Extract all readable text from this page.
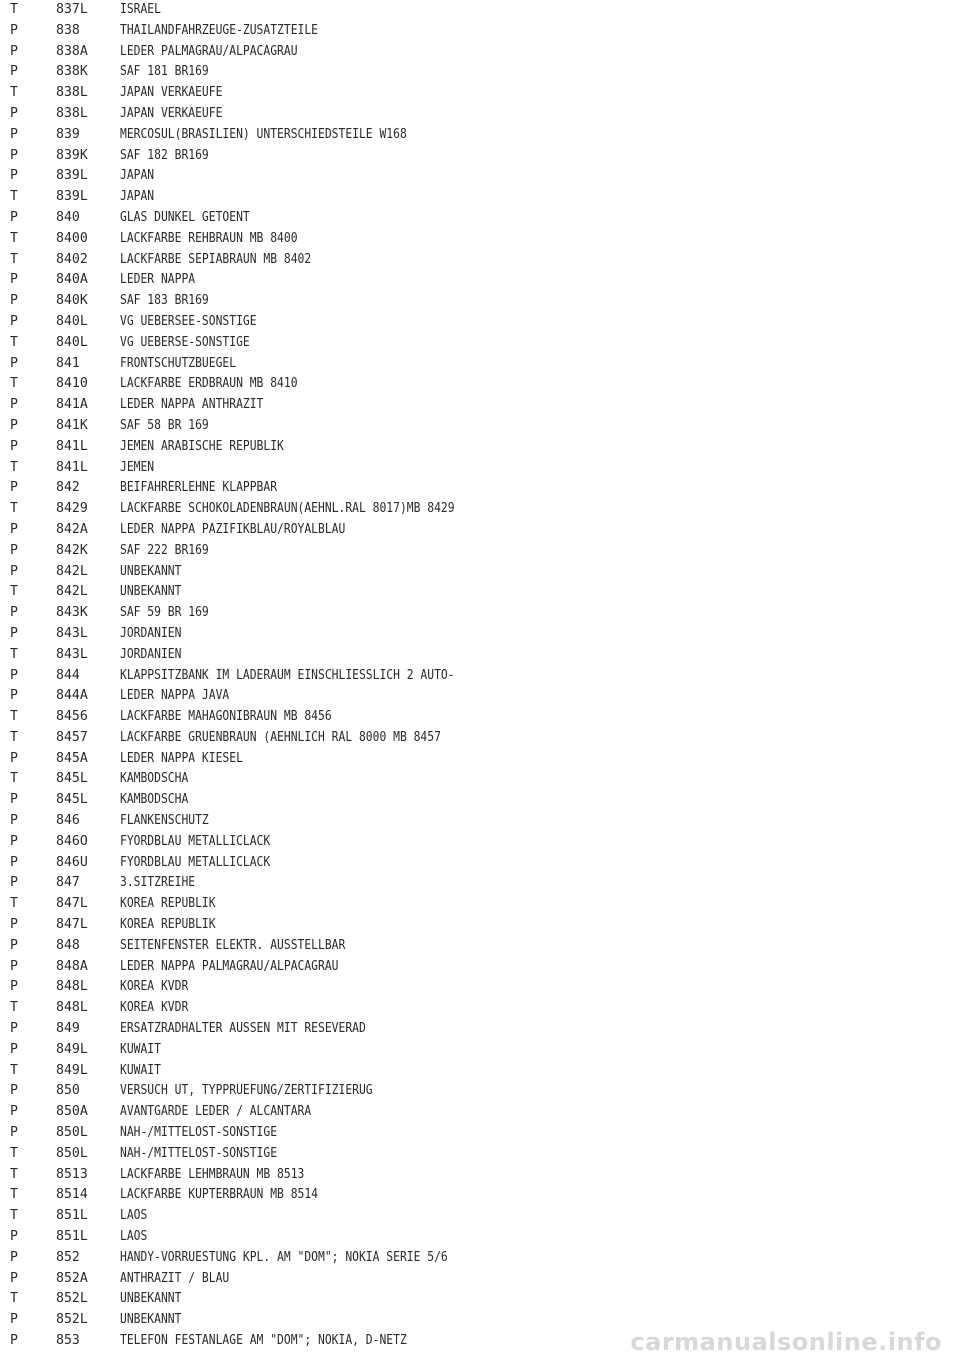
T	837L ISRAEL
P	838	THAILANDFAHRZEUGE-ZUSATZTEILE
P	838A LEDER PALMAGRAU/ALPACAGRAU
P	838K SAF 181 BR169
T	838L JAPAN VERKAEUFE
P	838L JAPAN VERKAEUFE
P	839	MERCOSUL(BRASILIEN) UNTERSCHIEDSTEILE W168
P	839K SAF 182 BR169
P	839L JAPAN
T	839L JAPAN
P	840	GLAS DUNKEL GETOENT
T	8400 LACKFARBE REHBRAUN MB 8400
T	8402 LACKFARBE SEPIABRAUN MB 8402
P	840A LEDER NAPPA
P	840K SAF 183 BR169
P	840L VG UEBERSEE-SONSTIGE
T	840L VG UEBERSE-SONSTIGE
P	841	FRONTSCHUTZBUEGEL
T	8410 LACKFARBE ERDBRAUN MB 8410
P	841A LEDER NAPPA ANTHRAZIT
P	841K SAF 58 BR 169
P	841L JEMEN ARABISCHE REPUBLIK
T	841L JEMEN
P	842	BEIFAHRERLEHNE KLAPPBAR
T	8429 LACKFARBE SCHOKOLADENBRAUN(AEHNL.RAL 8017)MB 8429
P	842A LEDER NAPPA PAZIFIKBLAU/ROYALBLAU
P	842K SAF 222 BR169
P	842L UNBEKANNT
T	842L UNBEKANNT
P	843K SAF 59 BR 169
P	843L JORDANIEN
T	843L JORDANIEN
P	844	KLAPPSITZBANK IM LADERAUM EINSCHLIESSLICH 2 AUTO-
P	844A LEDER NAPPA JAVA
T	8456 LACKFARBE MAHAGONIBRAUN MB 8456
T	8457 LACKFARBE GRUENBRAUN (AEHNLICH RAL 8000 MB 8457
P	845A LEDER NAPPA KIESEL
T	845L KAMBODSCHA
P	845L KAMBODSCHA
P	846	FLANKENSCHUTZ
P	846O FYORDBLAU METALLICLACK
P	846U FYORDBLAU METALLICLACK
P	847	3.SITZREIHE
T	847L KOREA REPUBLIK
P	847L KOREA REPUBLIK
P	848	SEITENFENSTER ELEKTR. AUSSTELLBAR
P	848A LEDER NAPPA PALMAGRAU/ALPACAGRAU
P	848L KOREA KVDR
T	848L KOREA KVDR
P	849	ERSATZRADHALTER AUSSEN MIT RESEVERAD
P	849L KUWAIT
T	849L KUWAIT
P	850	VERSUCH UT, TYPPRUEFUNG/ZERTIFIZIERUG
P	850A AVANTGARDE LEDER / ALCANTARA
P	850L NAH-/MITTELOST-SONSTIGE
T	850L NAH-/MITTELOST-SONSTIGE
T	8513 LACKFARBE LEHMBRAUN MB 8513
T	8514 LACKFARBE KUPTERBRAUN MB 8514
T	851L LAOS
P	851L LAOS
P	852	HANDY-VORRUESTUNG KPL. AM "DOM"; NOKIA SERIE 5/6
P	852A ANTHRAZIT / BLAU
T	852L UNBEKANNT
P	852L UNBEKANNT
P	853	TELEFON FESTANLAGE AM "DOM"; NOKIA, D-NETZ	carmanualsonline.info
